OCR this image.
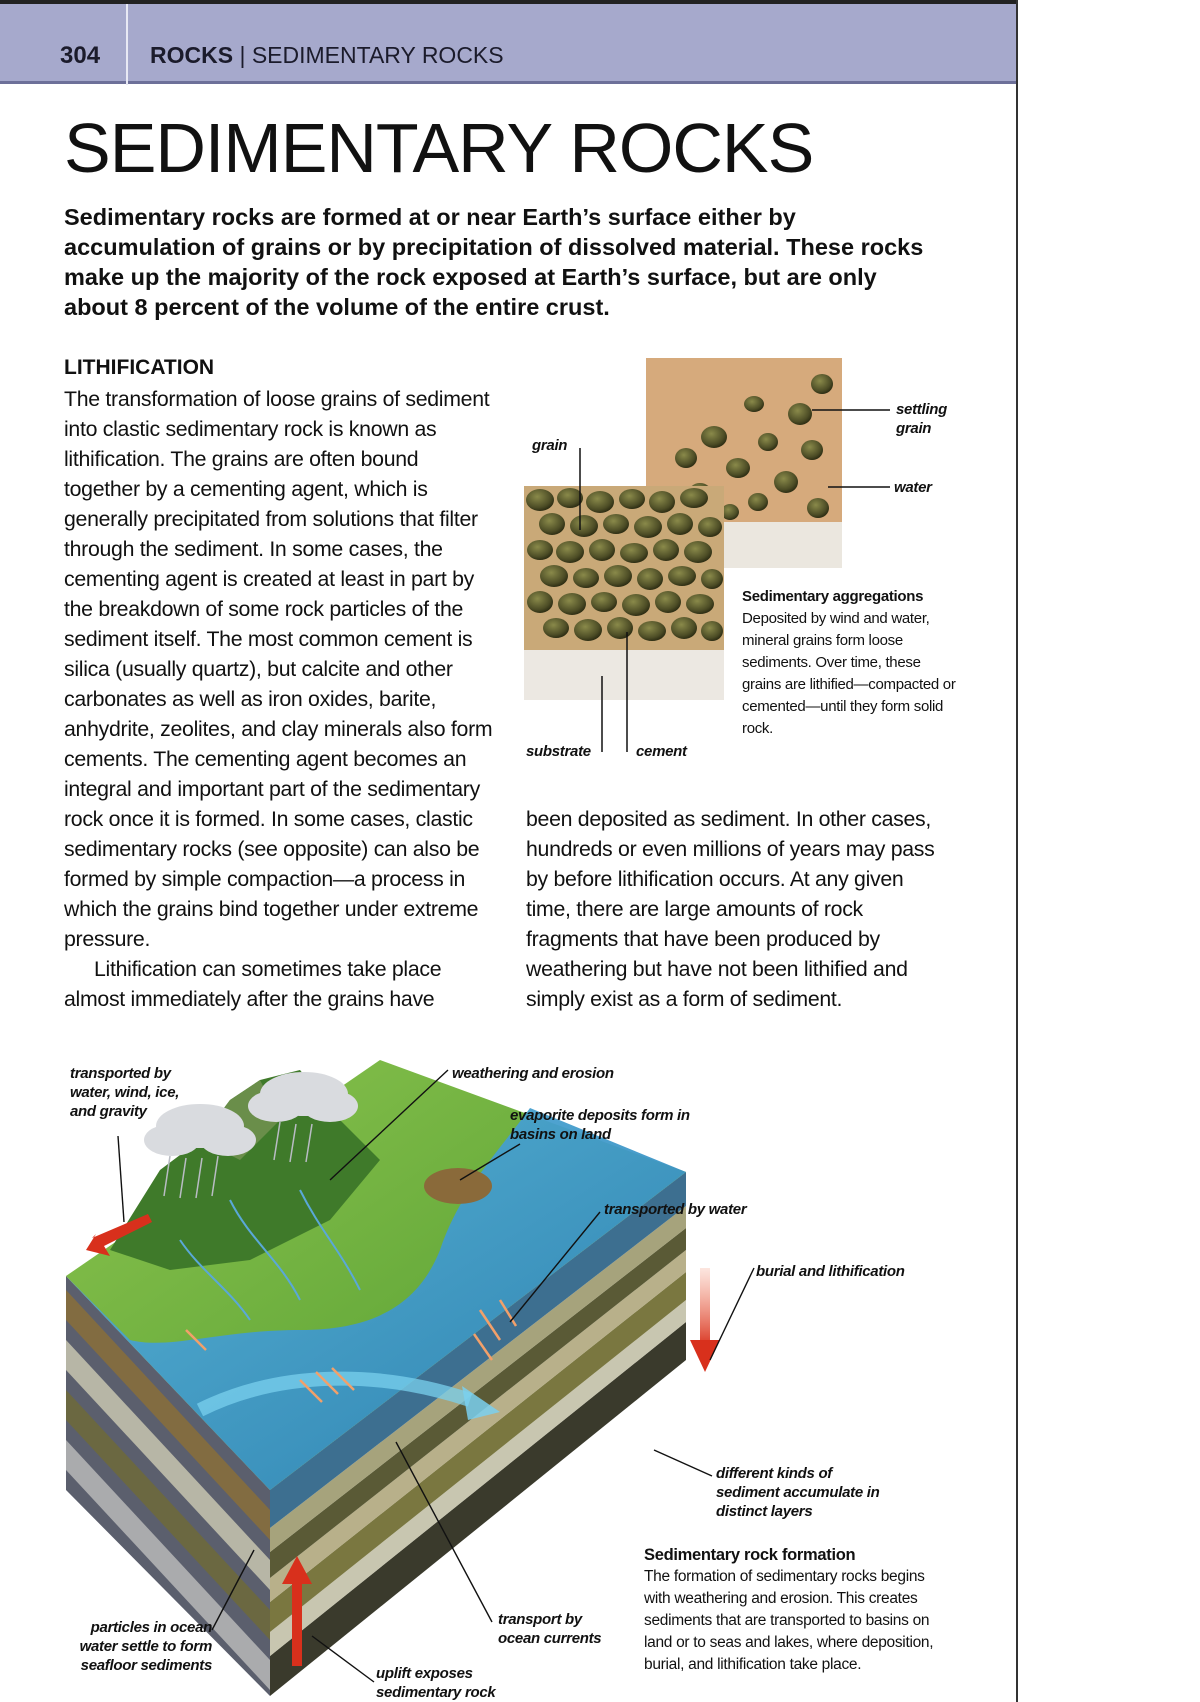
304 ROCKS | SEDIMENTARY ROCKS
SEDIMENTARY ROCKS
Sedimentary rocks are formed at or near Earth’s surface either by accumulation of grains or by precipitation of dissolved material. These rocks make up the majority of the rock exposed at Earth’s surface, but are only about 8 percent of the volume of the entire crust.
LITHIFICATION

The transformation of loose grains of sediment into clastic sedimentary rock is known as lithification. The grains are often bound together by a cementing agent, which is generally precipitated from solutions that filter through the sediment. In some cases, the cementing agent is created at least in part by the breakdown of some rock particles of the sediment itself. The most common cement is silica (usually quartz), but calcite and other carbonates as well as iron oxides, barite, anhydrite, zeolites, and clay minerals also form cements. The cementing agent becomes an integral and important part of the sedimentary rock once it is formed. In some cases, clastic sedimentary rocks (see opposite) can also be formed by simple compaction—a process in which the grains bind together under extreme pressure.

Lithification can sometimes take place almost immediately after the grains have

been deposited as sediment. In other cases, hundreds or even millions of years may pass by before lithification occurs. At any given time, there are large amounts of rock fragments that have been produced by weathering but have not been lithified and simply exist as a form of sediment.

settling grain
water
grain
substrate	cement
Sedimentary aggregations
Deposited by wind and water, mineral grains form loose sediments. Over time, these grains are lithified—compacted or cemented—until they form solid rock.
transported by water, wind, ice, and gravity
weathering and erosion
evaporite deposits form in basins on land
transported by water
burial and lithification
different kinds of sediment accumulate in distinct layers
particles in ocean water settle to form seafloor sediments
transport by ocean currents
uplift exposes sedimentary rock
Sedimentary rock formation
The formation of sedimentary rocks begins with weathering and erosion. This creates sediments that are transported to basins on land or to seas and lakes, where deposition, burial, and lithification take place.
